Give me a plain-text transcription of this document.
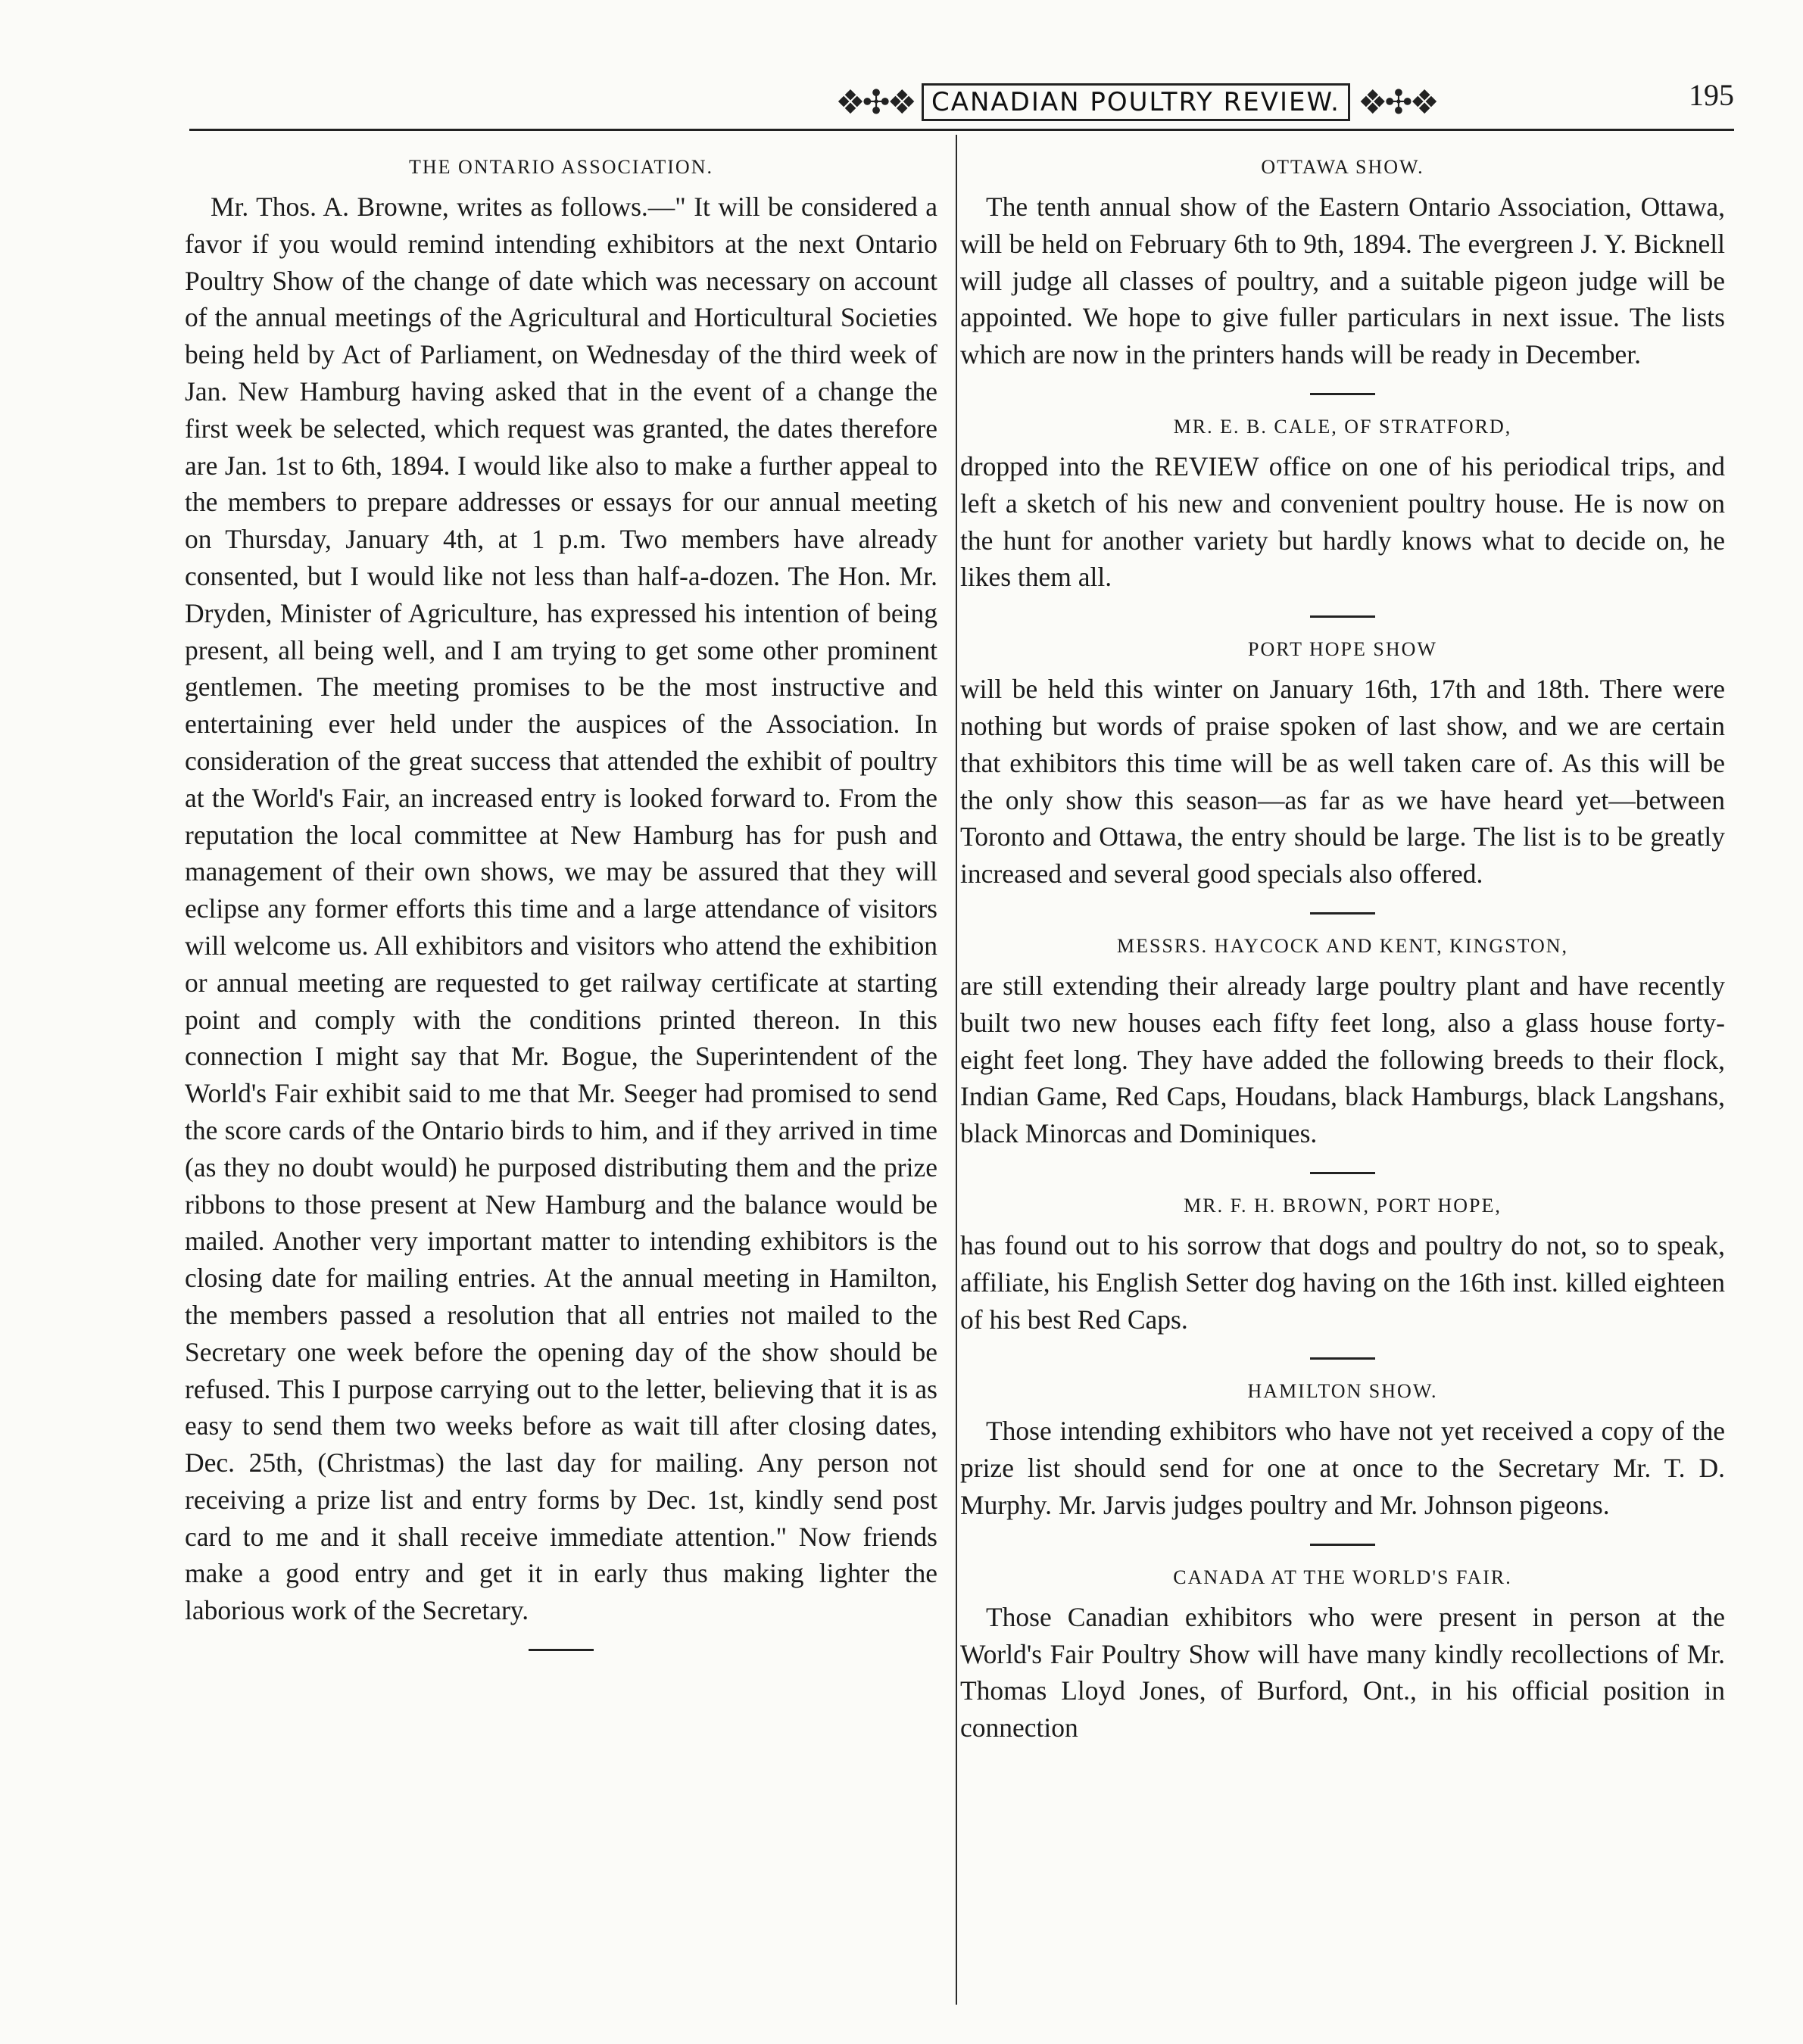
❖✣❖ CANADIAN POULTRY REVIEW. ❖✣❖	195
THE ONTARIO ASSOCIATION.

Mr. Thos. A. Browne, writes as follows.—" It will be considered a favor if you would remind intending exhibitors at the next Ontario Poultry Show of the change of date which was necessary on account of the annual meetings of the Agricultural and Horticultural Societies being held by Act of Parliament, on Wednesday of the third week of Jan. New Hamburg having asked that in the event of a change the first week be selected, which request was granted, the dates therefore are Jan. 1st to 6th, 1894. I would like also to make a further appeal to the members to prepare addresses or essays for our annual meeting on Thursday, January 4th, at 1 p.m. Two members have already consented, but I would like not less than half-a-dozen. The Hon. Mr. Dryden, Minister of Agriculture, has expressed his intention of being present, all being well, and I am trying to get some other prominent gentlemen. The meeting promises to be the most instructive and entertaining ever held under the auspices of the Association. In consideration of the great success that attended the exhibit of poultry at the World's Fair, an increased entry is looked forward to. From the reputation the local committee at New Hamburg has for push and management of their own shows, we may be assured that they will eclipse any former efforts this time and a large attendance of visitors will welcome us. All exhibitors and visitors who attend the exhibition or annual meeting are requested to get railway certificate at starting point and comply with the conditions printed thereon. In this connection I might say that Mr. Bogue, the Superintendent of the World's Fair exhibit said to me that Mr. Seeger had promised to send the score cards of the Ontario birds to him, and if they arrived in time (as they no doubt would) he purposed distributing them and the prize ribbons to those present at New Hamburg and the balance would be mailed. Another very important matter to intending exhibitors is the closing date for mailing entries. At the annual meeting in Hamilton, the members passed a resolution that all entries not mailed to the Secretary one week before the opening day of the show should be refused. This I purpose carrying out to the letter, believing that it is as easy to send them two weeks before as wait till after closing dates, Dec. 25th, (Christmas) the last day for mailing. Any person not receiving a prize list and entry forms by Dec. 1st, kindly send post card to me and it shall receive immediate attention." Now friends make a good entry and get it in early thus making lighter the laborious work of the Secretary.

OTTAWA SHOW.

The tenth annual show of the Eastern Ontario Association, Ottawa, will be held on February 6th to 9th, 1894. The evergreen J. Y. Bicknell will judge all classes of poultry, and a suitable pigeon judge will be appointed. We hope to give fuller particulars in next issue. The lists which are now in the printers hands will be ready in December.

MR. E. B. CALE, OF STRATFORD,

dropped into the REVIEW office on one of his periodical trips, and left a sketch of his new and convenient poultry house. He is now on the hunt for another variety but hardly knows what to decide on, he likes them all.

PORT HOPE SHOW

will be held this winter on January 16th, 17th and 18th. There were nothing but words of praise spoken of last show, and we are certain that exhibitors this time will be as well taken care of. As this will be the only show this season—as far as we have heard yet—between Toronto and Ottawa, the entry should be large. The list is to be greatly increased and several good specials also offered.

MESSRS. HAYCOCK AND KENT, KINGSTON,

are still extending their already large poultry plant and have recently built two new houses each fifty feet long, also a glass house forty-eight feet long. They have added the following breeds to their flock, Indian Game, Red Caps, Houdans, black Hamburgs, black Langshans, black Minorcas and Dominiques.

MR. F. H. BROWN, PORT HOPE,

has found out to his sorrow that dogs and poultry do not, so to speak, affiliate, his English Setter dog having on the 16th inst. killed eighteen of his best Red Caps.

HAMILTON SHOW.

Those intending exhibitors who have not yet received a copy of the prize list should send for one at once to the Secretary Mr. T. D. Murphy. Mr. Jarvis judges poultry and Mr. Johnson pigeons.

CANADA AT THE WORLD'S FAIR.

Those Canadian exhibitors who were present in person at the World's Fair Poultry Show will have many kindly recollections of Mr. Thomas Lloyd Jones, of Burford, Ont., in his official position in connection
